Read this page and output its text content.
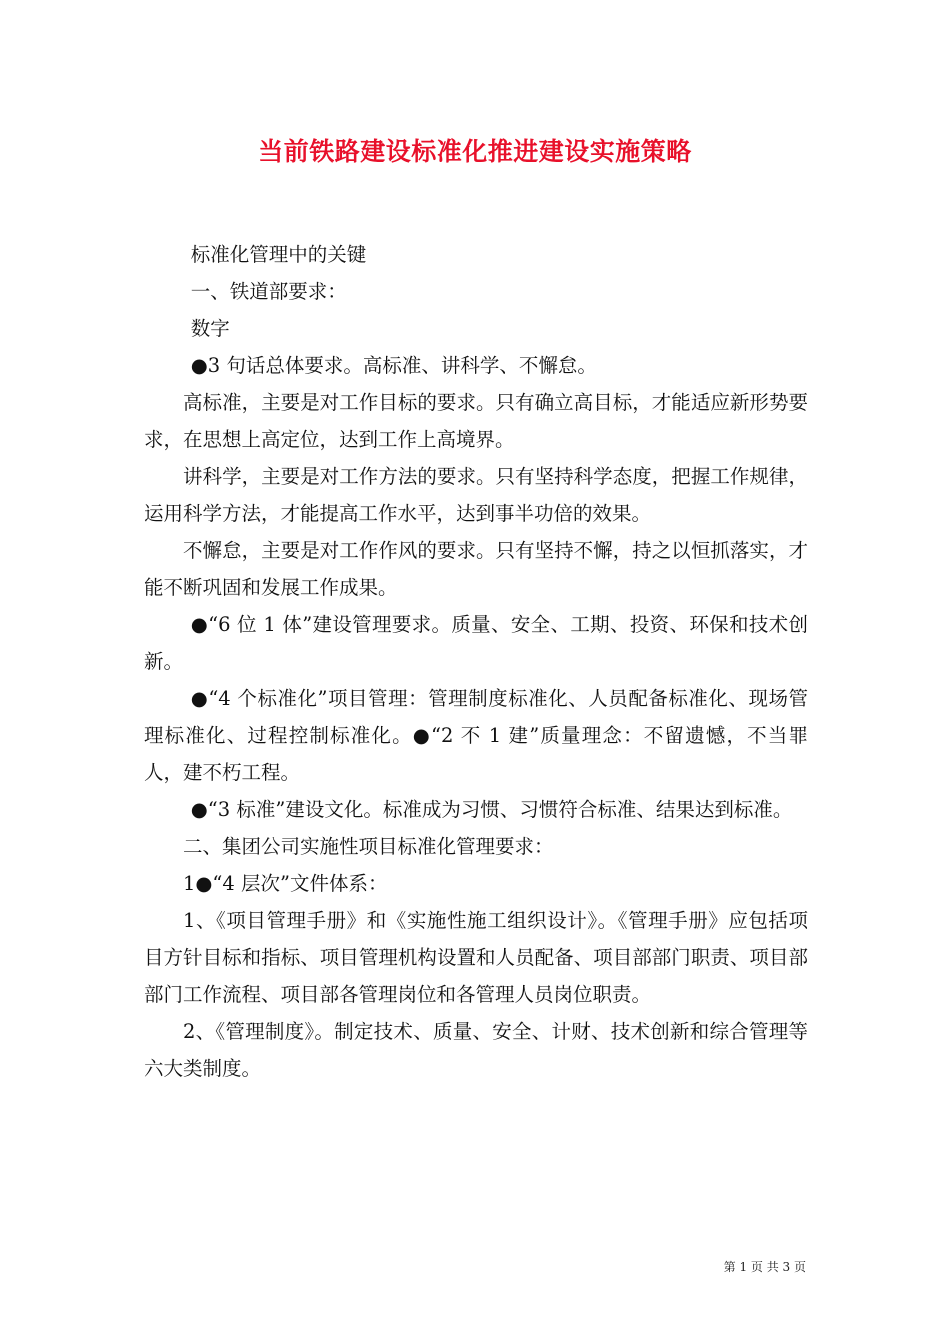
当前铁路建设标准化推进建设实施策略

标准化管理中的关键

一、铁道部要求：

数字

●3 句话总体要求。高标准、讲科学、不懈怠。

高标准，主要是对工作目标的要求。只有确立高目标，才能适应新形势要求，在思想上高定位，达到工作上高境界。

讲科学，主要是对工作方法的要求。只有坚持科学态度，把握工作规律，运用科学方法，才能提高工作水平，达到事半功倍的效果。

不懈怠，主要是对工作作风的要求。只有坚持不懈，持之以恒抓落实，才能不断巩固和发展工作成果。

●“6 位 1 体”建设管理要求。质量、安全、工期、投资、环保和技术创新。

●“4 个标准化”项目管理：管理制度标准化、人员配备标准化、现场管理标准化、过程控制标准化。●“2 不 1 建”质量理念：不留遗憾，不当罪人，建不朽工程。

●“3 标准”建设文化。标准成为习惯、习惯符合标准、结果达到标准。

二、集团公司实施性项目标准化管理要求：

1●“4 层次”文件体系：

1、《项目管理手册》和《实施性施工组织设计》。《管理手册》应包括项目方针目标和指标、项目管理机构设置和人员配备、项目部部门职责、项目部部门工作流程、项目部各管理岗位和各管理人员岗位职责。

2、《管理制度》。制定技术、质量、安全、计财、技术创新和综合管理等六大类制度。

第 1 页 共 3 页
